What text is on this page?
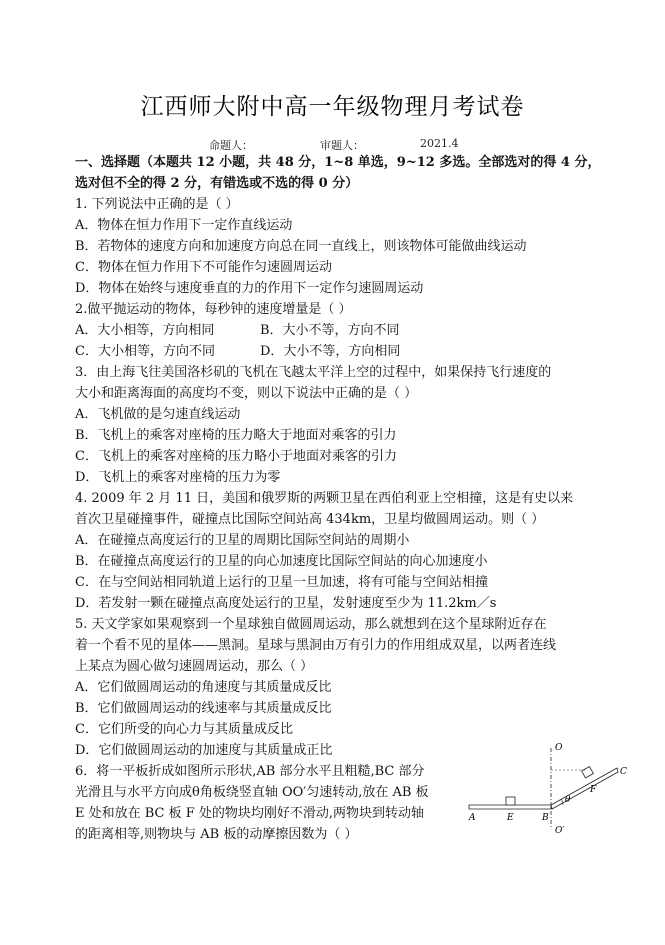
江西师大附中高一年级物理月考试卷
命题人：	审题人：	2021.4
一、选择题（本题共 12 小题，共 48 分，1~8 单选，9~12 多选。全部选对的得 4 分，
选对但不全的得 2 分，有错选或不选的得 0 分）
1. 下列说法中正确的是（ ）
A．物体在恒力作用下一定作直线运动
B．若物体的速度方向和加速度方向总在同一直线上，则该物体可能做曲线运动
C．物体在恒力作用下不可能作匀速圆周运动
D．物体在始终与速度垂直的力的作用下一定作匀速圆周运动
2.做平抛运动的物体，每秒钟的速度增量是（ ）
A．大小相等，方向相同	B．大小不等，方向不同
C．大小相等，方向不同	D．大小不等，方向相同
3．由上海飞往美国洛杉矶的飞机在飞越太平洋上空的过程中，如果保持飞行速度的
大小和距离海面的高度均不变，则以下说法中正确的是（ ）
A．飞机做的是匀速直线运动
B．飞机上的乘客对座椅的压力略大于地面对乘客的引力
C．飞机上的乘客对座椅的压力略小于地面对乘客的引力
D．飞机上的乘客对座椅的压力为零
4. 2009 年 2 月 11 日，美国和俄罗斯的两颗卫星在西伯利亚上空相撞，这是有史以来
首次卫星碰撞事件，碰撞点比国际空间站高 434km，卫星均做圆周运动。则（ ）
A．在碰撞点高度运行的卫星的周期比国际空间站的周期小
B．在碰撞点高度运行的卫星的向心加速度比国际空间站的向心加速度小
C．在与空间站相同轨道上运行的卫星一旦加速，将有可能与空间站相撞
D．若发射一颗在碰撞点高度处运行的卫星，发射速度至少为 11.2km／s
5. 天文学家如果观察到一个星球独自做圆周运动，那么就想到在这个星球附近存在
着一个看不见的星体——黑洞。星球与黑洞由万有引力的作用组成双星，以两者连线
上某点为圆心做匀速圆周运动，那么（ ）
A．它们做圆周运动的角速度与其质量成反比
B．它们做圆周运动的线速率与其质量成反比
C．它们所受的向心力与其质量成反比
D．它们做圆周运动的加速度与其质量成正比
6．将一平板折成如图所示形状,AB 部分水平且粗糙,BC 部分
光滑且与水平方向成θ角板绕竖直轴 OO′匀速转动,放在 AB 板
E 处和放在 BC 板 F 处的物块均刚好不滑动,两物块到转动轴
的距离相等,则物块与 AB 板的动摩擦因数为（ ）
O
O′
A	E	B
θ
F
C
